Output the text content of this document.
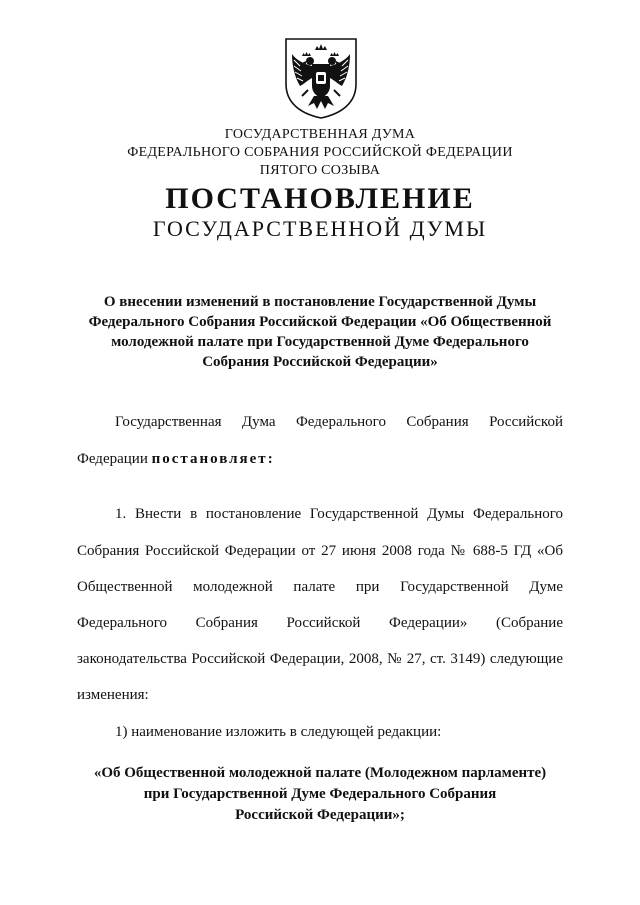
ГОСУДАРСТВЕННАЯ ДУМА
ФЕДЕРАЛЬНОГО СОБРАНИЯ РОССИЙСКОЙ ФЕДЕРАЦИИ
ПЯТОГО СОЗЫВА
ПОСТАНОВЛЕНИЕ
ГОСУДАРСТВЕННОЙ ДУМЫ
О внесении изменений в постановление Государственной Думы
Федерального Собрания Российской Федерации «Об Общественной
молодежной палате при Государственной Думе Федерального
Собрания Российской Федерации»
Государственная Дума Федерального Собрания Российской
Федерации постановляет:
1. Внести в постановление Государственной Думы Федерального
Собрания Российской Федерации от 27 июня 2008 года № 688-5 ГД «Об
Общественной молодежной палате при Государственной Думе
Федерального Собрания Российской Федерации» (Собрание
законодательства Российской Федерации, 2008, № 27, ст. 3149) следующие
изменения:
1) наименование изложить в следующей редакции:
«Об Общественной молодежной палате (Молодежном парламенте)
при Государственной Думе Федерального Собрания
Российской Федерации»;
